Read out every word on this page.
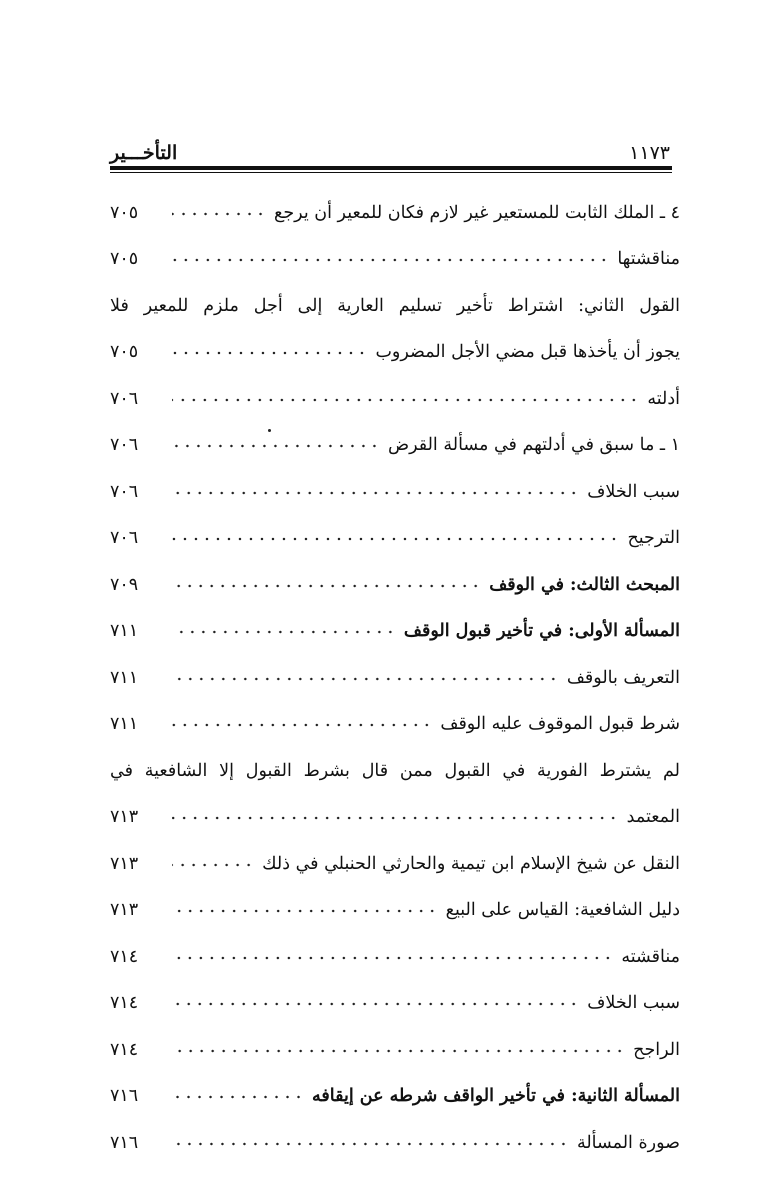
١١٧٣
التأخـــير
٤ ـ الملك الثابت للمستعير غير لازم فكان للمعير أن يرجع
٧٠٥
مناقشتها
٧٠٥
القول الثاني: اشتراط تأخير تسليم العارية إلى أجل ملزم للمعير فلا
يجوز أن يأخذها قبل مضي الأجل المضروب
٧٠٥
أدلته
٧٠٦
١ ـ ما سبق في أدلتهم في مسألة القرض
٧٠٦
سبب الخلاف
٧٠٦
الترجيح
٧٠٦
المبحث الثالث: في الوقف
٧٠٩
المسألة الأولى: في تأخير قبول الوقف
٧١١
التعريف بالوقف
٧١١
شرط قبول الموقوف عليه الوقف
٧١١
لم يشترط الفورية في القبول ممن قال بشرط القبول إلا الشافعية في
المعتمد
٧١٣
النقل عن شيخ الإسلام ابن تيمية والحارثي الحنبلي في ذلك
٧١٣
دليل الشافعية: القياس على البيع
٧١٣
مناقشته
٧١٤
سبب الخلاف
٧١٤
الراجح
٧١٤
المسألة الثانية: في تأخير الواقف شرطه عن إيقافه
٧١٦
صورة المسألة
٧١٦
